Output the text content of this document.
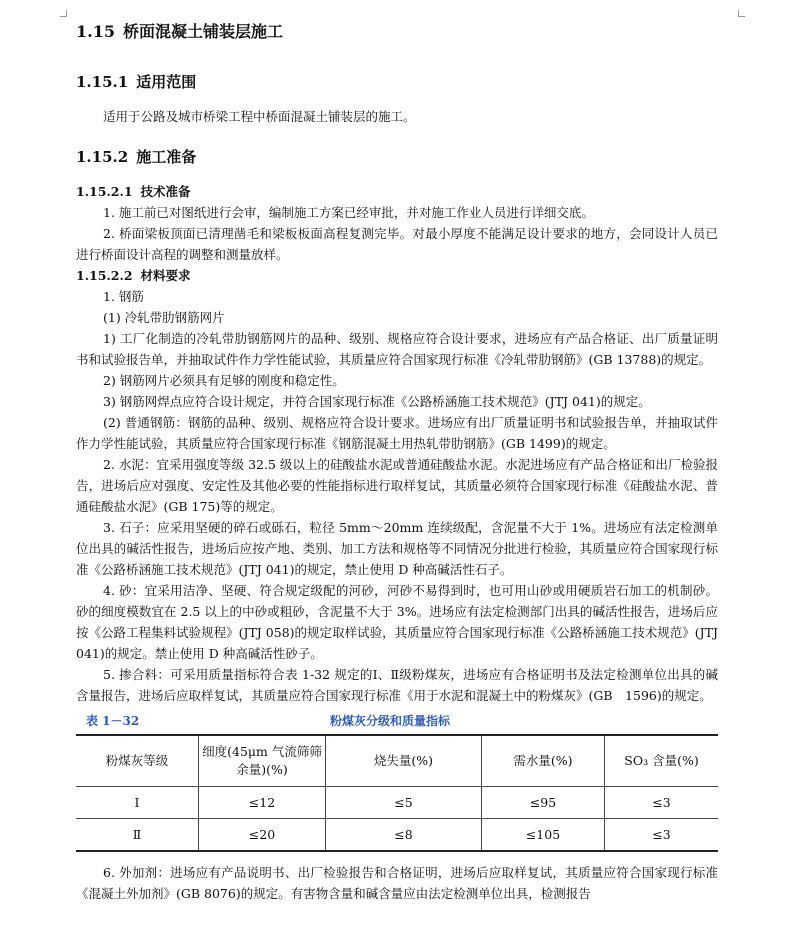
1.15 桥面混凝土铺装层施工
1.15.1 适用范围

适用于公路及城市桥梁工程中桥面混凝土铺装层的施工。

1.15.2 施工准备
1.15.2.1 技术准备

1. 施工前已对图纸进行会审，编制施工方案已经审批，并对施工作业人员进行详细交底。

2. 桥面梁板顶面已清理凿毛和梁板板面高程复测完毕。对最小厚度不能满足设计要求的地方，会同设计人员已进行桥面设计高程的调整和测量放样。

1.15.2.2 材料要求

1. 钢筋

(1) 冷轧带肋钢筋网片

1) 工厂化制造的冷轧带肋钢筋网片的品种、级别、规格应符合设计要求，进场应有产品合格证、出厂质量证明书和试验报告单，并抽取试件作力学性能试验，其质量应符合国家现行标准《冷轧带肋钢筋》(GB 13788)的规定。

2) 钢筋网片必须具有足够的刚度和稳定性。

3) 钢筋网焊点应符合设计规定，并符合国家现行标准《公路桥涵施工技术规范》(JTJ 041)的规定。

(2) 普通钢筋：钢筋的品种、级别、规格应符合设计要求。进场应有出厂质量证明书和试验报告单，并抽取试件作力学性能试验，其质量应符合国家现行标准《钢筋混凝土用热轧带肋钢筋》(GB 1499)的规定。

2. 水泥：宜采用强度等级 32.5 级以上的硅酸盐水泥或普通硅酸盐水泥。水泥进场应有产品合格证和出厂检验报告，进场后应对强度、安定性及其他必要的性能指标进行取样复试，其质量必须符合国家现行标准《硅酸盐水泥、普通硅酸盐水泥》(GB 175)等的规定。

3. 石子：应采用坚硬的碎石或砾石，粒径 5mm～20mm 连续级配，含泥量不大于 1%。进场应有法定检测单位出具的碱活性报告，进场后应按产地、类别、加工方法和规格等不同情况分批进行检验，其质量应符合国家现行标准《公路桥涵施工技术规范》(JTJ 041)的规定，禁止使用 D 种高碱活性石子。

4. 砂：宜采用洁净、坚硬、符合规定级配的河砂，河砂不易得到时，也可用山砂或用硬质岩石加工的机制砂。砂的细度模数宜在 2.5 以上的中砂或粗砂，含泥量不大于 3%。进场应有法定检测部门出具的碱活性报告，进场后应按《公路工程集料试验规程》(JTJ 058)的规定取样试验，其质量应符合国家现行标准《公路桥涵施工技术规范》(JTJ 041)的规定。禁止使用 D 种高碱活性砂子。

5. 掺合料：可采用质量指标符合表 1-32 规定的Ⅰ、Ⅱ级粉煤灰，进场应有合格证明书及法定检测单位出具的碱含量报告，进场后应取样复试，其质量应符合国家现行标准《用于水泥和混凝土中的粉煤灰》(GB　1596)的规定。

表 1－32	粉煤灰分级和质量指标
粉煤灰等级	细度(45μm 气流筛筛余量)(%)	烧失量(%)	需水量(%)	SO₃ 含量(%)
Ⅰ	≤12	≤5	≤95	≤3
Ⅱ	≤20	≤8	≤105	≤3

6. 外加剂：进场应有产品说明书、出厂检验报告和合格证明，进场后应取样复试，其质量应符合国家现行标准《混凝土外加剂》(GB 8076)的规定。有害物含量和碱含量应由法定检测单位出具，检测报告
